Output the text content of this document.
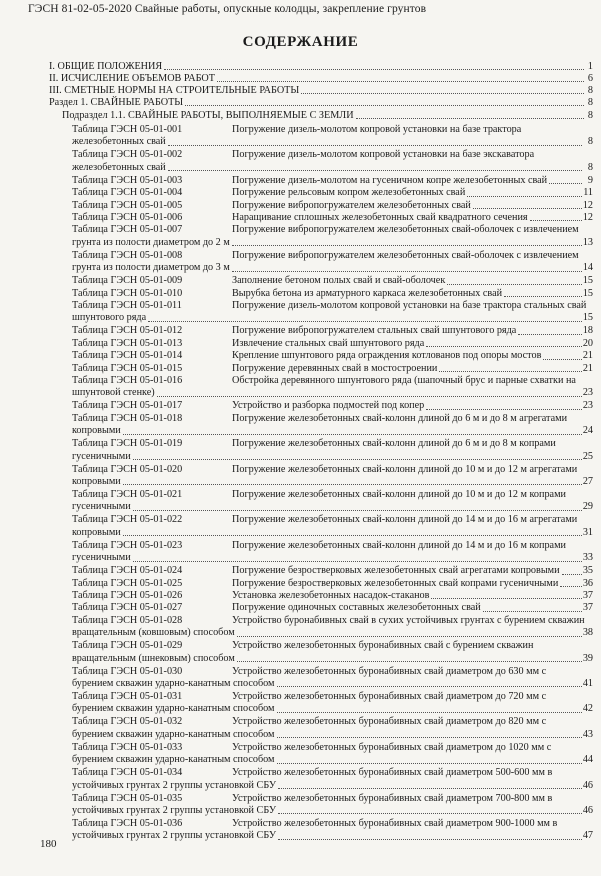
ГЭСН 81-02-05-2020 Свайные работы, опускные колодцы, закрепление грунтов
СОДЕРЖАНИЕ
I. ОБЩИЕ ПОЛОЖЕНИЯ	1
II. ИСЧИСЛЕНИЕ ОБЪЕМОВ РАБОТ	6
III. СМЕТНЫЕ НОРМЫ НА СТРОИТЕЛЬНЫЕ РАБОТЫ	8
Раздел 1. СВАЙНЫЕ РАБОТЫ	8
Подраздел 1.1. СВАЙНЫЕ РАБОТЫ, ВЫПОЛНЯЕМЫЕ С ЗЕМЛИ	8
Таблица ГЭСН 05-01-001	Погружение дизель-молотом копровой установки на базе трактора
железобетонных свай	8
Таблица ГЭСН 05-01-002	Погружение дизель-молотом копровой установки на базе экскаватора
железобетонных свай	8
Таблица ГЭСН 05-01-003	Погружение дизель-молотом на гусеничном копре железобетонных свай	9
Таблица ГЭСН 05-01-004	Погружение рельсовым копром железобетонных свай	11
Таблица ГЭСН 05-01-005	Погружение вибропогружателем железобетонных свай	12
Таблица ГЭСН 05-01-006	Наращивание сплошных железобетонных свай квадратного сечения	12
Таблица ГЭСН 05-01-007	Погружение вибропогружателем железобетонных свай-оболочек с извлечением
грунта из полости диаметром до 2 м	13
Таблица ГЭСН 05-01-008	Погружение вибропогружателем железобетонных свай-оболочек с извлечением
грунта из полости диаметром до 3 м	14
Таблица ГЭСН 05-01-009	Заполнение бетоном полых свай и свай-оболочек	15
Таблица ГЭСН 05-01-010	Вырубка бетона из арматурного каркаса железобетонных свай	15
Таблица ГЭСН 05-01-011	Погружение дизель-молотом копровой установки на базе трактора стальных свай
шпунтового ряда	15
Таблица ГЭСН 05-01-012	Погружение вибропогружателем стальных свай шпунтового ряда	18
Таблица ГЭСН 05-01-013	Извлечение стальных свай шпунтового ряда	20
Таблица ГЭСН 05-01-014	Крепление шпунтового ряда ограждения котлованов под опоры мостов	21
Таблица ГЭСН 05-01-015	Погружение деревянных свай в мостостроении	21
Таблица ГЭСН 05-01-016	Обстройка деревянного шпунтового ряда (шапочный брус и парные схватки на
шпунтовой стенке)	23
Таблица ГЭСН 05-01-017	Устройство и разборка подмостей под копер	23
Таблица ГЭСН 05-01-018	Погружение железобетонных свай-колонн длиной до 6 м и до 8 м агрегатами
копровыми	24
Таблица ГЭСН 05-01-019	Погружение железобетонных свай-колонн длиной до 6 м и до 8 м копрами
гусеничными	25
Таблица ГЭСН 05-01-020	Погружение железобетонных свай-колонн длиной до 10 м и до 12 м агрегатами
копровыми	27
Таблица ГЭСН 05-01-021	Погружение железобетонных свай-колонн длиной до 10 м и до 12 м копрами
гусеничными	29
Таблица ГЭСН 05-01-022	Погружение железобетонных свай-колонн длиной до 14 м и до 16 м агрегатами
копровыми	31
Таблица ГЭСН 05-01-023	Погружение железобетонных свай-колонн длиной до 14 м и до 16 м копрами
гусеничными	33
Таблица ГЭСН 05-01-024	Погружение безростверковых железобетонных свай агрегатами копровыми 35
Таблица ГЭСН 05-01-025	Погружение безростверковых железобетонных свай копрами гусеничными 36
Таблица ГЭСН 05-01-026	Установка железобетонных насадок-стаканов	37
Таблица ГЭСН 05-01-027	Погружение одиночных составных железобетонных свай	37
Таблица ГЭСН 05-01-028	Устройство буронабивных свай в сухих устойчивых грунтах с бурением скважин
вращательным (ковшовым) способом	38
Таблица ГЭСН 05-01-029	Устройство железобетонных буронабивных свай с бурением скважин
вращательным (шнековым) способом	39
Таблица ГЭСН 05-01-030	Устройство железобетонных буронабивных свай диаметром до 630 мм с
бурением скважин ударно-канатным способом	41
Таблица ГЭСН 05-01-031	Устройство железобетонных буронабивных свай диаметром до 720 мм с
бурением скважин ударно-канатным способом	42
Таблица ГЭСН 05-01-032	Устройство железобетонных буронабивных свай диаметром до 820 мм с
бурением скважин ударно-канатным способом	43
Таблица ГЭСН 05-01-033	Устройство железобетонных буронабивных свай диаметром до 1020 мм с
бурением скважин ударно-канатным способом	44
Таблица ГЭСН 05-01-034	Устройство железобетонных буронабивных свай диаметром 500-600 мм в
устойчивых грунтах 2 группы установкой СБУ	46
Таблица ГЭСН 05-01-035	Устройство железобетонных буронабивных свай диаметром 700-800 мм в
устойчивых грунтах 2 группы установкой СБУ	46
Таблица ГЭСН 05-01-036	Устройство железобетонных буронабивных свай диаметром 900-1000 мм в
устойчивых грунтах 2 группы установкой СБУ	47
180
